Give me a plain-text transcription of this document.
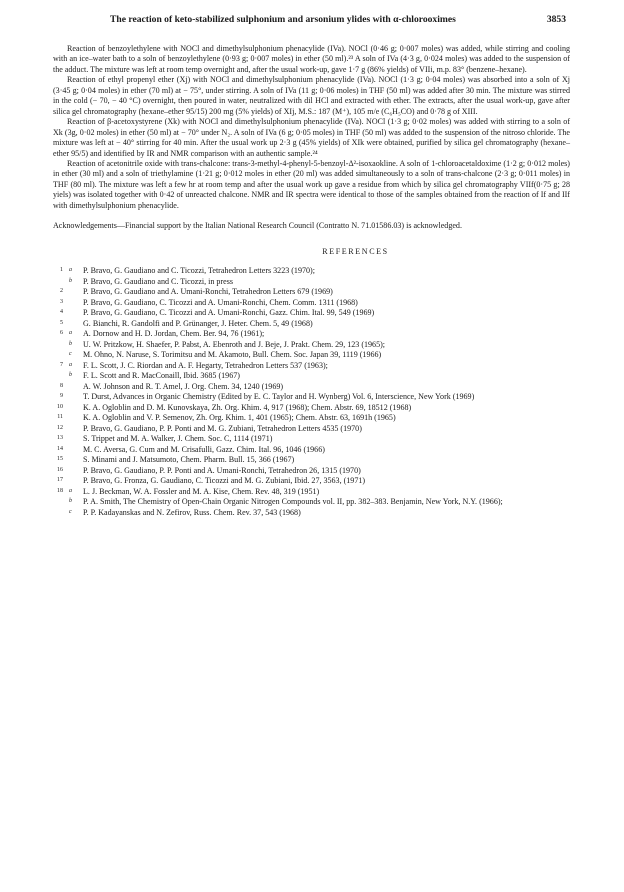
The reaction of keto-stabilized sulphonium and arsonium ylides with α-chlorooximes	3853

Reaction of benzoylethylene with NOCl and dimethylsulphonium phenacylide (IVa). NOCl (0·46 g; 0·007 moles) was added, while stirring and cooling with an ice–water bath to a soln of benzoylethylene (0·93 g; 0·007 moles) in ether (50 ml).²³ A soln of IVa (4·3 g, 0·024 moles) was added to the suspension of the adduct. The mixture was left at room temp overnight and, after the usual work-up, gave 1·7 g (86% yields) of VIIi, m.p. 83° (benzene–hexane).

Reaction of ethyl propenyl ether (Xj) with NOCl and dimethylsulphonium phenacylide (IVa). NOCl (1·3 g; 0·04 moles) was absorbed into a soln of Xj (3·45 g; 0·04 moles) in ether (70 ml) at − 75°, under stirring. A soln of IVa (11 g; 0·06 moles) in THF (50 ml) was added after 30 min. The mixture was stirred in the cold (− 70, − 40 °C) overnight, then poured in water, neutralized with dil HCl and extracted with ether. The extracts, after the usual work-up, gave after silica gel chromatography (hexane–ether 95/15) 200 mg (5% yields) of XIj, M.S.: 187 (M⁺), 105 m/e (C₆H₅CO) and 0·78 g of XIII.

Reaction of β-acetoxystyrene (Xk) with NOCl and dimethylsulphonium phenacylide (IVa). NOCl (1·3 g; 0·02 moles) was added with stirring to a soln of Xk (3g, 0·02 moles) in ether (50 ml) at − 70° under N₂. A soln of IVa (6 g; 0·05 moles) in THF (50 ml) was added to the suspension of the nitroso chloride. The mixture was left at − 40° stirring for 40 min. After the usual work up 2·3 g (45% yields) of XIk were obtained, purified by silica gel chromatography (hexane–ether 95/5) and identified by IR and NMR comparison with an authentic sample.²⁴

Reaction of acetonitrile oxide with trans-chalcone: trans-3-methyl-4-phenyl-5-benzoyl-Δ²-isoxaokline. A soln of 1-chloroacetaldoxime (1·2 g; 0·012 moles) in ether (30 ml) and a soln of triethylamine (1·21 g; 0·012 moles in ether (20 ml) was added simultaneously to a soln of trans-chalcone (2·3 g; 0·011 moles) in THF (80 ml). The mixture was left a few hr at room temp and after the usual work up gave a residue from which by silica gel chromatography VIIf(0·75 g; 28 yiels) was isolated together with 0·42 of unreacted chalcone. NMR and IR spectra were identical to those of the samples obtained from the reaction of If and IIf with dimethylsulphonium phenacylide.

Acknowledgements—Financial support by the Italian National Research Council (Contratto N. 71.01586.03) is acknowledged.

REFERENCES
1 a P. Bravo, G. Gaudiano and C. Ticozzi, Tetrahedron Letters 3223 (1970);
b P. Bravo, G. Gaudiano and C. Ticozzi, in press
2 P. Bravo, G. Gaudiano and A. Umani-Ronchi, Tetrahedron Letters 679 (1969)
3 P. Bravo, G. Gaudiano, C. Ticozzi and A. Umani-Ronchi, Chem. Comm. 1311 (1968)
4 P. Bravo, G. Gaudiano, C. Ticozzi and A. Umani-Ronchi, Gazz. Chim. Ital. 99, 549 (1969)
5 G. Bianchi, R. Gandolfi and P. Grünanger, J. Heter. Chem. 5, 49 (1968)
6 a A. Dornow and H. D. Jordan, Chem. Ber. 94, 76 (1961);
b U. W. Pritzkow, H. Shaefer, P. Pabst, A. Ebenroth and J. Beje, J. Prakt. Chem. 29, 123 (1965);
c M. Ohno, N. Naruse, S. Torimitsu and M. Akamoto, Bull. Chem. Soc. Japan 39, 1119 (1966)
7 a F. L. Scott, J. C. Riordan and A. F. Hegarty, Tetrahedron Letters 537 (1963);
b F. L. Scott and R. MacConaill, Ibid. 3685 (1967)
8 A. W. Johnson and R. T. Amel, J. Org. Chem. 34, 1240 (1969)
9 T. Durst, Advances in Organic Chemistry (Edited by E. C. Taylor and H. Wynberg) Vol. 6, Interscience, New York (1969)
10 K. A. Ogloblin and D. M. Kunovskaya, Zh. Org. Khim. 4, 917 (1968); Chem. Abstr. 69, 18512 (1968)
11 K. A. Ogloblin and V. P. Semenov, Zh. Org. Khim. 1, 401 (1965); Chem. Abstr. 63, 1691h (1965)
12 P. Bravo, G. Gaudiano, P. P. Ponti and M. G. Zubiani, Tetrahedron Letters 4535 (1970)
13 S. Trippet and M. A. Walker, J. Chem. Soc. C, 1114 (1971)
14 M. C. Aversa, G. Cum and M. Crisafulli, Gazz. Chim. Ital. 96, 1046 (1966)
15 S. Minami and J. Matsumoto, Chem. Pharm. Bull. 15, 366 (1967)
16 P. Bravo, G. Gaudiano, P. P. Ponti and A. Umani-Ronchi, Tetrahedron 26, 1315 (1970)
17 P. Bravo, G. Fronza, G. Gaudiano, C. Ticozzi and M. G. Zubiani, Ibid. 27, 3563, (1971)
18 a L. J. Beckman, W. A. Fossler and M. A. Kise, Chem. Rev. 48, 319 (1951)
b P. A. Smith, The Chemistry of Open-Chain Organic Nitrogen Compounds vol. II, pp. 382–383. Benjamin, New York, N.Y. (1966);
c P. P. Kadayanskas and N. Zefirov, Russ. Chem. Rev. 37, 543 (1968)
